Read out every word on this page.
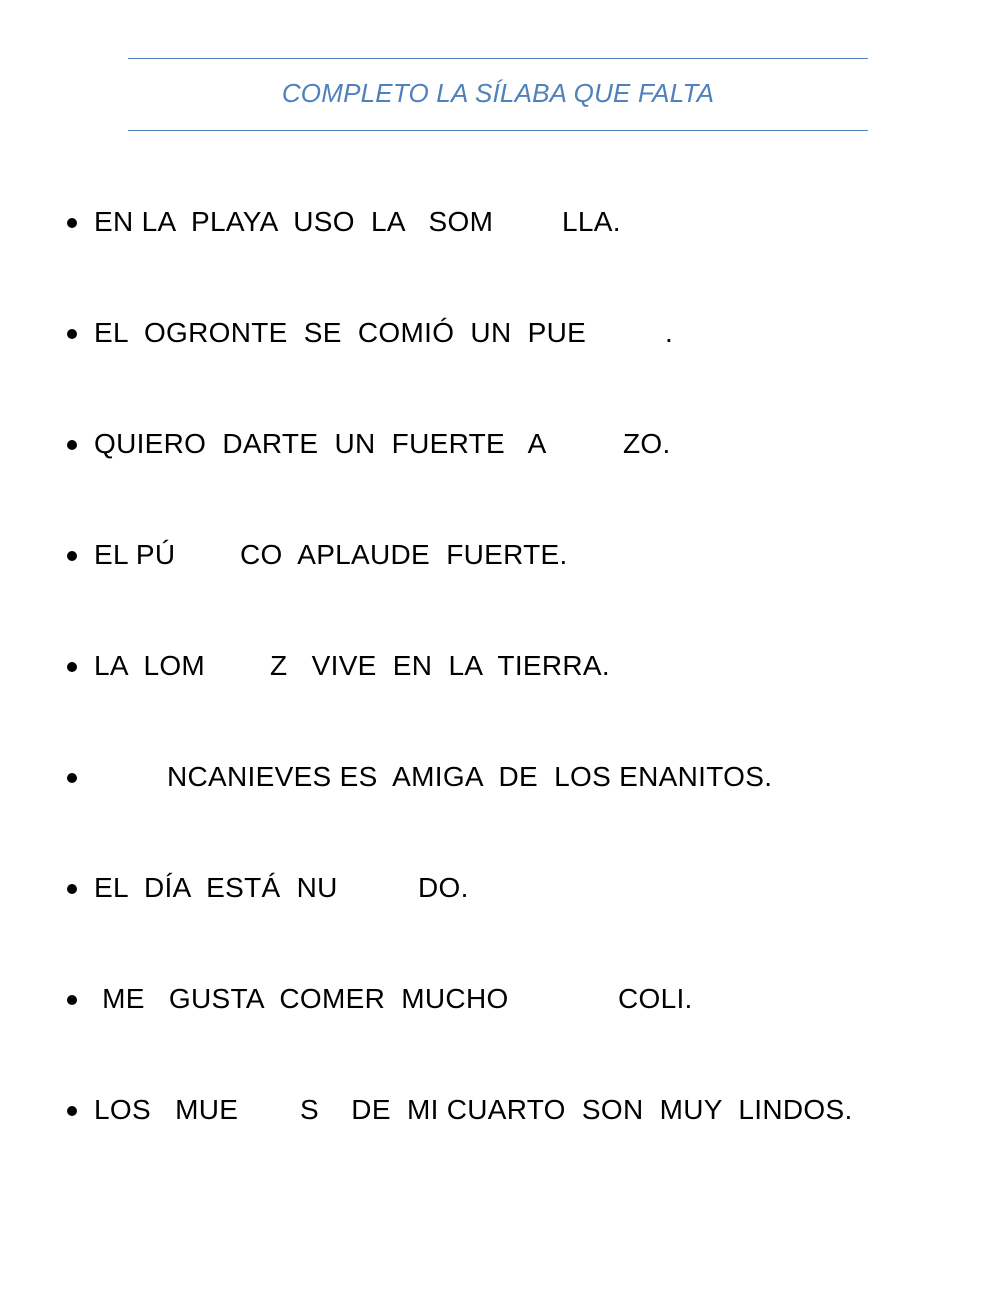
COMPLETO LA SÍLABA QUE FALTA
EN LA  PLAYA  USO  LA   SOM LLA.
EL  OGRONTE  SE  COMIÓ  UN  PUE	.
QUIERO  DARTE  UN  FUERTE   A	ZO.
EL PÚ CO  APLAUDE  FUERTE.
LA  LOM Z   VIVE  EN  LA  TIERRA.
NCANIEVES ES  AMIGA  DE  LOS ENANITOS.
EL  DÍA  ESTÁ  NU	DO.
ME   GUSTA  COMER  MUCHO	COLI.
LOS   MUE S    DE  MI CUARTO  SON  MUY  LINDOS.
